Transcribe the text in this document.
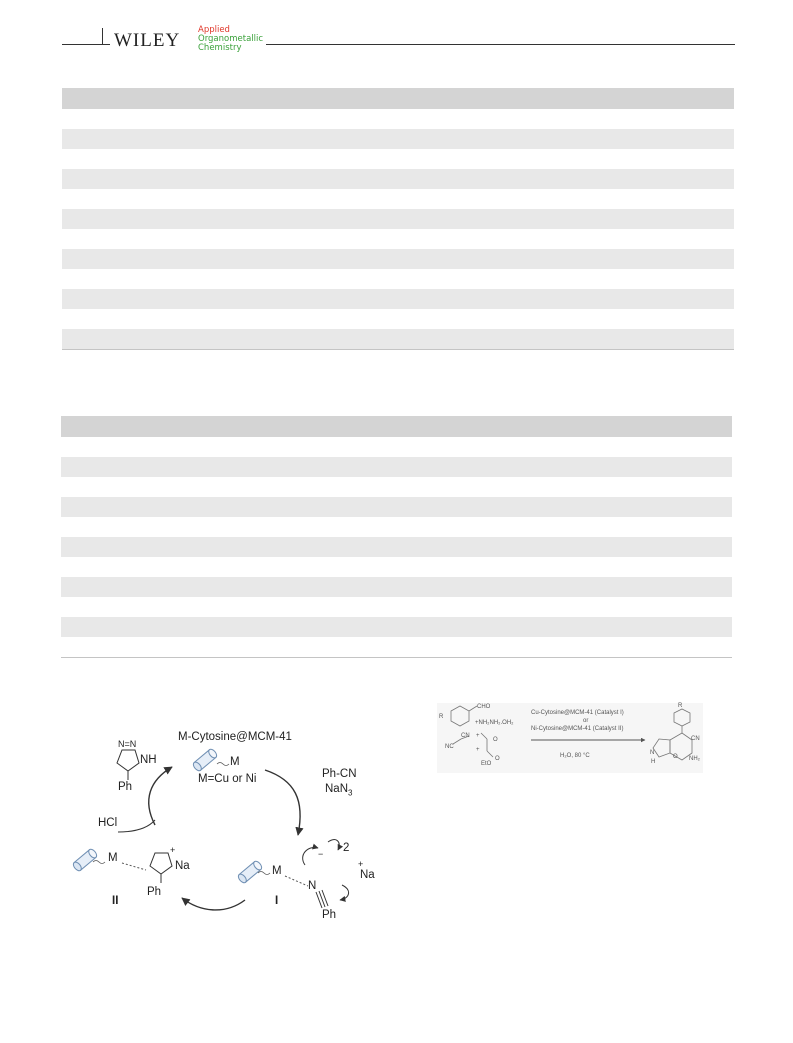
WILEY Applied
Organometallic
Chemistry
M-Cytosine@MCM-41
M
M=Cu or Ni	Ph-CN
NaN$_3$
HCl
N=N
NH
Ph
M
+
Na
Ph
II
M
− 2
+
Na
N
Ph
I
CHO
R
+NH₂NH₂.OH₂
CN
NC
+
+
O
O
EtO
Cu-Cytosine@MCM-41 (Catalyst I)
or
Ni-Cytosine@MCM-41 (Catalyst II)
H₂O, 80 °C
R
CN
NH₂
O
N
H
